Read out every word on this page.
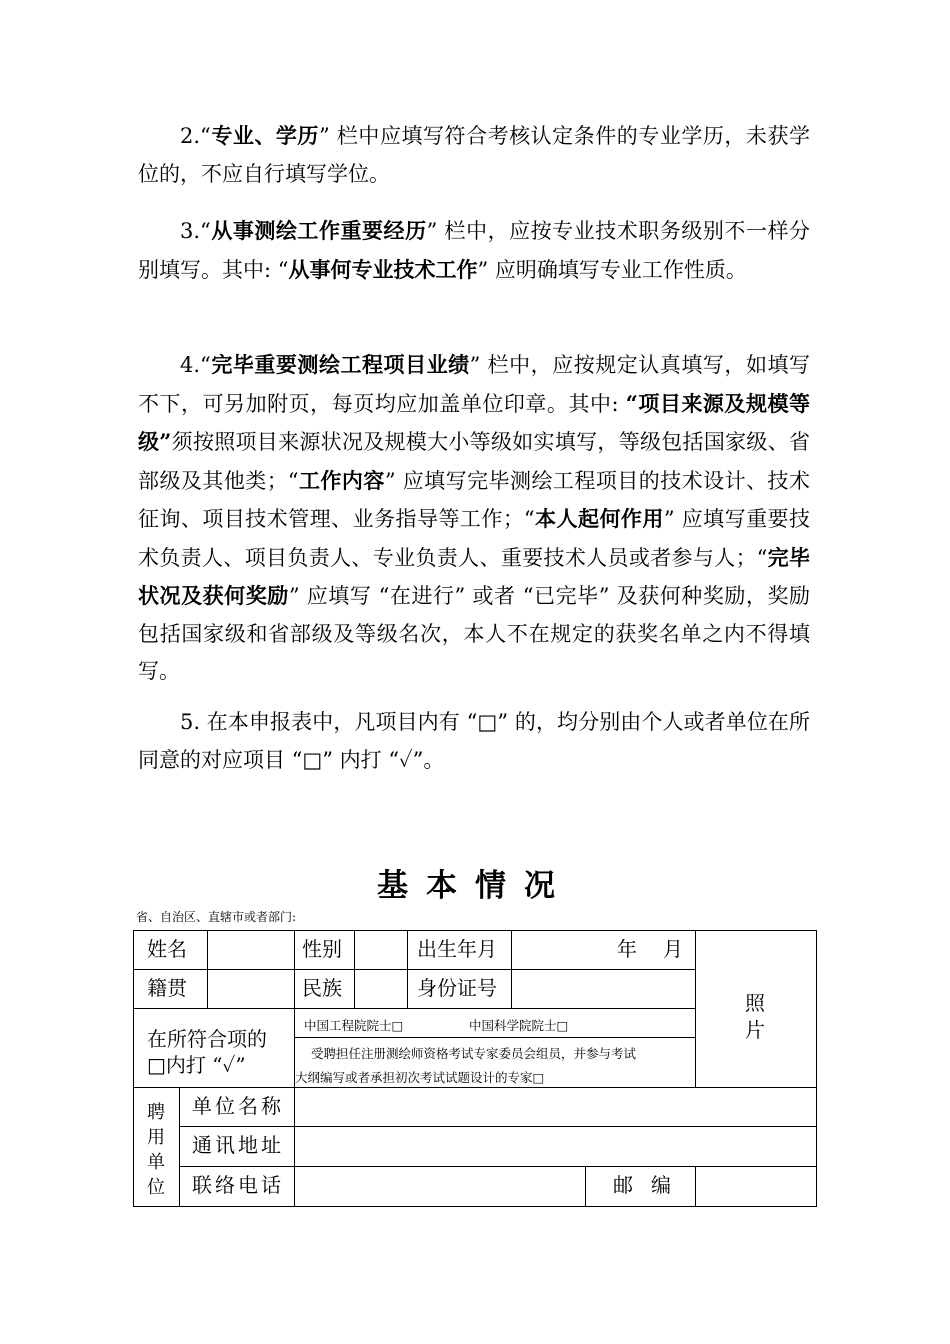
2.“专业、学历” 栏中应填写符合考核认定条件的专业学历，未获学位的，不应自行填写学位。

3.“从事测绘工作重要经历” 栏中，应按专业技术职务级别不一样分别填写。其中: “从事何专业技术工作” 应明确填写专业工作性质。

4.“完毕重要测绘工程项目业绩” 栏中，应按规定认真填写，如填写不下，可另加附页，每页均应加盖单位印章。其中: “项目来源及规模等级”须按照项目来源状况及规模大小等级如实填写，等级包括国家级、省部级及其他类；“工作内容” 应填写完毕测绘工程项目的技术设计、技术征询、项目技术管理、业务指导等工作；“本人起何作用” 应填写重要技术负责人、项目负责人、专业负责人、重要技术人员或者参与人；“完毕状况及获何奖励” 应填写 “在进行” 或者 “已完毕” 及获何种奖励，奖励包括国家级和省部级及等级名次，本人不在规定的获奖名单之内不得填写。

5. 在本申报表中，凡项目内有 “□” 的，均分别由个人或者单位在所同意的对应项目 “□” 内打 “✓”。

基本情况
省、自治区、直辖市或者部门:
姓名	性别	出生年月	年 月
照
片
籍贯	民族	身份证号
在所符合项的
□内打 “✓”
中国工程院院士□	中国科学院院士□
受聘担任注册测绘师资格考试专家委员会组员，并参与考试
大纲编写或者承担初次考试试题设计的专家□
聘
用
单
位
单位名称
通讯地址
联络电话	邮编
